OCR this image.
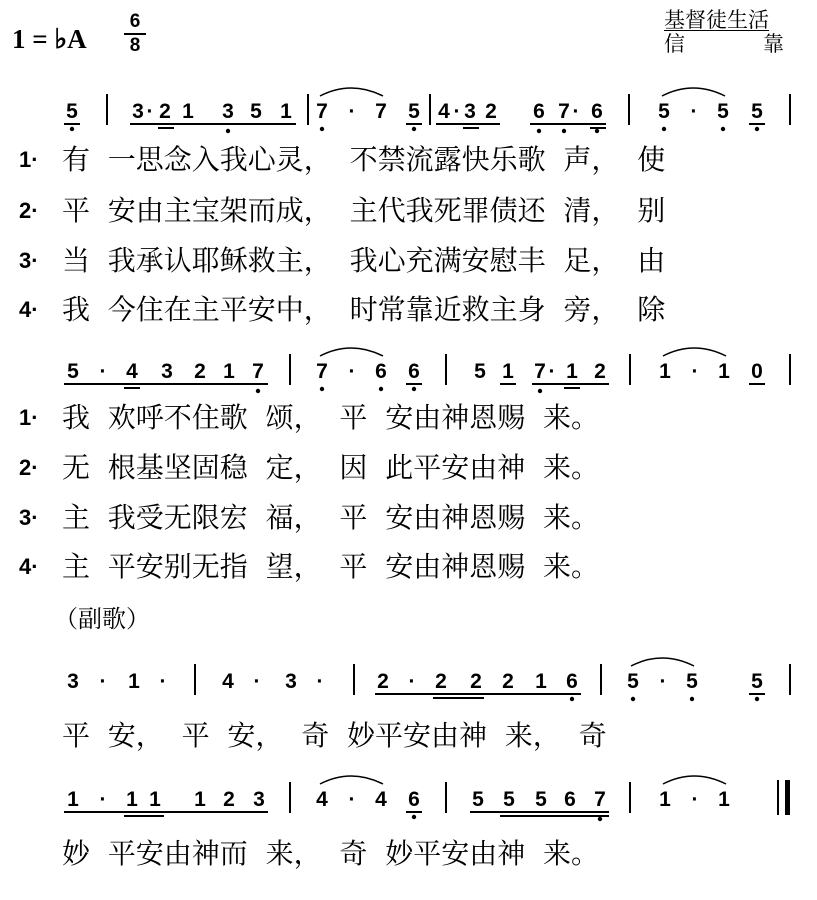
1 = ♭A
6
8
基督徒生活
信	靠
5	3 · 2 1 3 5 1 7 · 7 5 4 · 3 2 6 7 · 6	5 · 5 5
5 · 4 3 2 1 7 7 · 6 6	5 1 7 · 1 2	1 · 1 0
3 · 1 ·	4 · 3 ·	2 · 2 2 2 1 6 5 · 5	5
1 · 1 1 1 2 3 4 · 4 6 5 5 5 6 7	1 · 1
1· 有  一思念入我心灵，  不禁流露快乐歌  声，  使
2· 平  安由主宝架而成，  主代我死罪债还  清，  别
3· 当  我承认耶稣救主，  我心充满安慰丰  足，  由
4· 我  今住在主平安中，  时常靠近救主身  旁，  除
1· 我  欢呼不住歌  颂，  平  安由神恩赐  来。
2· 无  根基坚固稳  定，  因  此平安由神  来。
3· 主  我受无限宏  福，  平  安由神恩赐  来。
4· 主  平安别无指  望，  平  安由神恩赐  来。
（副歌）
平  安，  平  安，  奇  妙平安由神  来，  奇
妙  平安由神而  来，  奇  妙平安由神  来。
